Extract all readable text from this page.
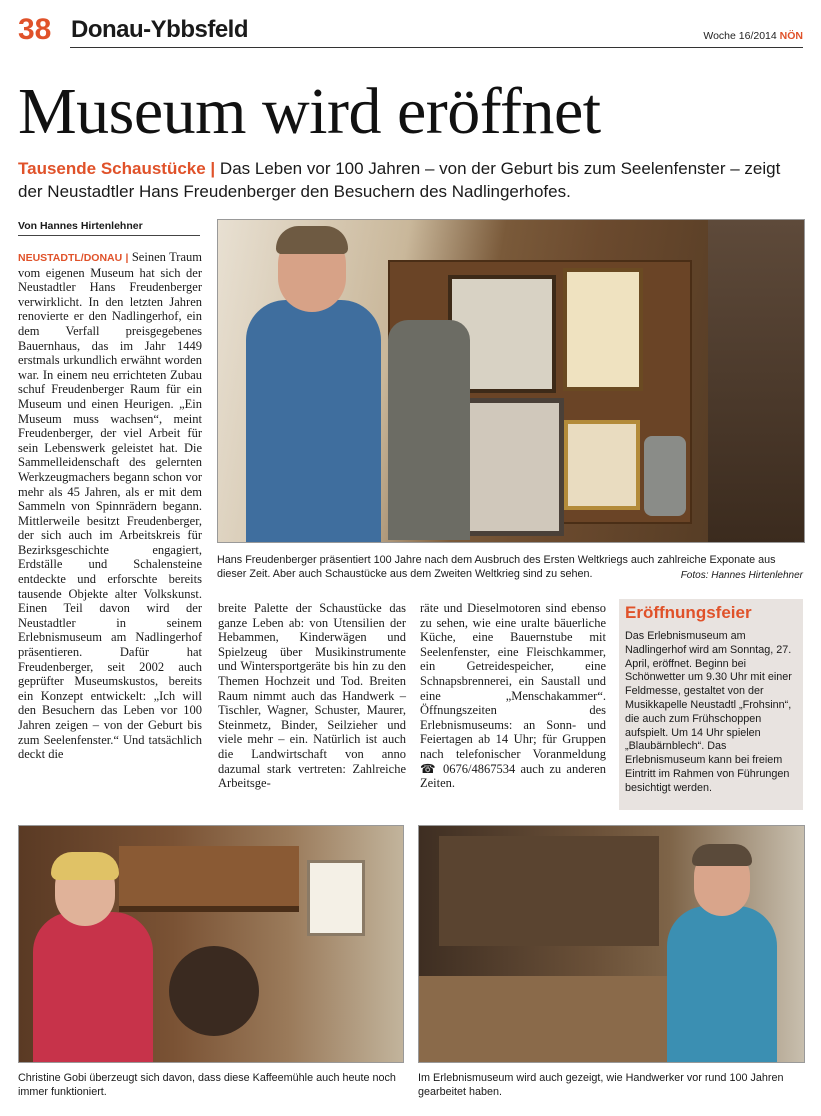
38 Donau-Ybbsfeld	Woche 16/2014 NÖN
Museum wird eröffnet
Tausende Schaustücke | Das Leben vor 100 Jahren – von der Geburt bis zum Seelenfenster – zeigt der Neustadtler Hans Freudenberger den Besuchern des Nadlingerhofes.
Von Hannes Hirtenlehner
NEUSTADTL/DONAU | Seinen Traum vom eigenen Museum hat sich der Neustadtler Hans Freudenberger verwirklicht. In den letzten Jahren renovierte er den Nadlingerhof, ein dem Verfall preisgegebenes Bauernhaus, das im Jahr 1449 erstmals urkundlich erwähnt worden war. In einem neu errichteten Zubau schuf Freudenberger Raum für ein Museum und einen Heurigen. „Ein Museum muss wachsen“, meint Freudenberger, der viel Arbeit für sein Lebenswerk geleistet hat. Die Sammelleidenschaft des gelernten Werkzeugmachers begann schon vor mehr als 45 Jahren, als er mit dem Sammeln von Spinnrädern begann. Mittlerweile besitzt Freudenberger, der sich auch im Arbeitskreis für Bezirksgeschichte engagiert, Erdställe und Schalensteine entdeckte und erforschte bereits tausende Objekte alter Volkskunst. Einen Teil davon wird der Neustadtler in seinem Erlebnismuseum am Nadlingerhof präsentieren. Dafür hat Freudenberger, seit 2002 auch geprüfter Museumskustos, bereits ein Konzept entwickelt: „Ich will den Besuchern das Leben vor 100 Jahren zeigen – von der Geburt bis zum Seelenfenster.“ Und tatsächlich deckt die
Hans Freudenberger präsentiert 100 Jahre nach dem Ausbruch des Ersten Weltkriegs auch zahlreiche Exponate aus dieser Zeit. Aber auch Schaustücke aus dem Zweiten Weltkrieg sind zu sehen.	Fotos: Hannes Hirtenlehner
breite Palette der Schaustücke das ganze Leben ab: von Utensilien der Hebammen, Kinderwägen und Spielzeug über Musikinstrumente und Wintersportgeräte bis hin zu den Themen Hochzeit und Tod. Breiten Raum nimmt auch das Handwerk – Tischler, Wagner, Schuster, Maurer, Steinmetz, Binder, Seilzieher und viele mehr – ein. Natürlich ist auch die Landwirtschaft von anno dazumal stark vertreten: Zahlreiche Arbeitsge-
räte und Dieselmotoren sind ebenso zu sehen, wie eine uralte bäuerliche Küche, eine Bauernstube mit Seelenfenster, eine Fleischkammer, ein Getreidespeicher, eine Schnapsbrennerei, ein Saustall und eine „Menschakammer“. Öffnungszeiten des Erlebnismuseums: an Sonn- und Feiertagen ab 14 Uhr; für Gruppen nach telefonischer Voranmeldung ☎ 0676/4867534 auch zu anderen Zeiten.
Eröffnungsfeier
Das Erlebnismuseum am Nadlingerhof wird am Sonntag, 27. April, eröffnet. Beginn bei Schönwetter um 9.30 Uhr mit einer Feldmesse, gestaltet von der Musikkapelle Neustadtl „Frohsinn“, die auch zum Frühschoppen aufspielt. Um 14 Uhr spielen „Blaubärnblech“. Das Erlebnismuseum kann bei freiem Eintritt im Rahmen von Führungen besichtigt werden.
Christine Gobi überzeugt sich davon, dass diese Kaffeemühle auch heute noch immer funktioniert.
Im Erlebnismuseum wird auch gezeigt, wie Handwerker vor rund 100 Jahren gearbeitet haben.
